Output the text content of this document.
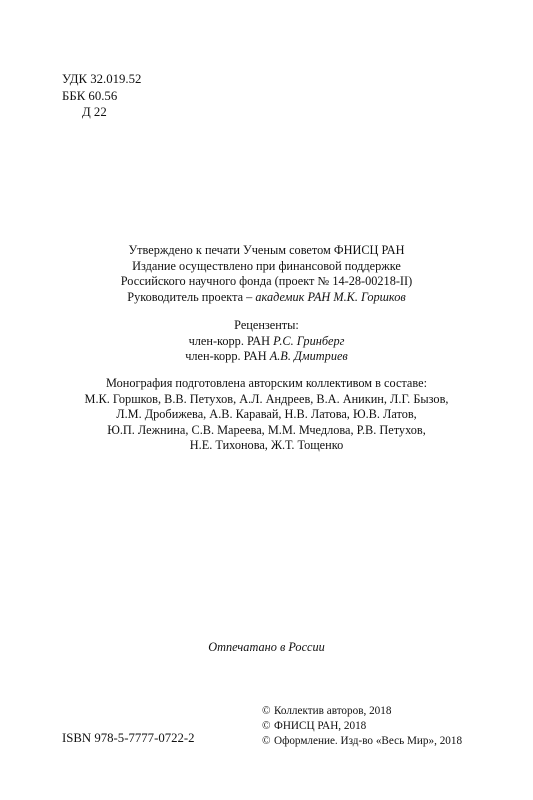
УДК 32.019.52
ББК 60.56
Д 22
Утверждено к печати Ученым советом ФНИСЦ РАН
Издание осуществлено при финансовой поддержке
Российского научного фонда (проект № 14-28-00218-II)
Руководитель проекта – академик РАН М.К. Горшков
Рецензенты:
член-корр. РАН Р.С. Гринберг
член-корр. РАН А.В. Дмитриев
Монография подготовлена авторским коллективом в составе:
М.К. Горшков, В.В. Петухов, А.Л. Андреев, В.А. Аникин, Л.Г. Бызов,
Л.М. Дробижева, А.В. Каравай, Н.В. Латова, Ю.В. Латов,
Ю.П. Лежнина, С.В. Мареева, М.М. Мчедлова, Р.В. Петухов,
Н.Е. Тихонова, Ж.Т. Тощенко
Отпечатано в России
ISBN 978-5-7777-0722-2
© Коллектив авторов, 2018
© ФНИСЦ РАН, 2018
© Оформление. Изд-во «Весь Мир», 2018
